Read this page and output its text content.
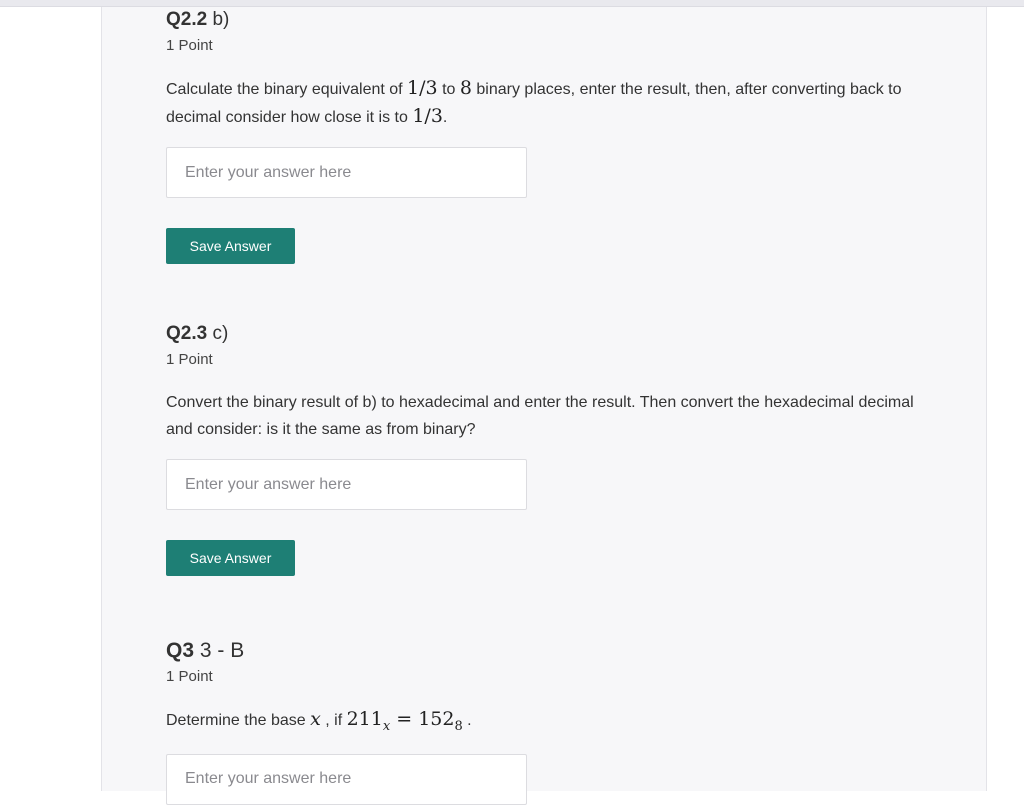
Q2.2 b)
1 Point
Calculate the binary equivalent of 1/3 to 8 binary places, enter the result, then, after converting back to decimal consider how close it is to 1/3.
Enter your answer here
Save Answer
Q2.3 c)
1 Point
Convert the binary result of b) to hexadecimal and enter the result. Then convert the hexadecimal decimal and consider: is it the same as from binary?
Enter your answer here
Save Answer
Q3 3 - B
1 Point
Determine the base x , if $211_x = 152_8$ .
Enter your answer here
